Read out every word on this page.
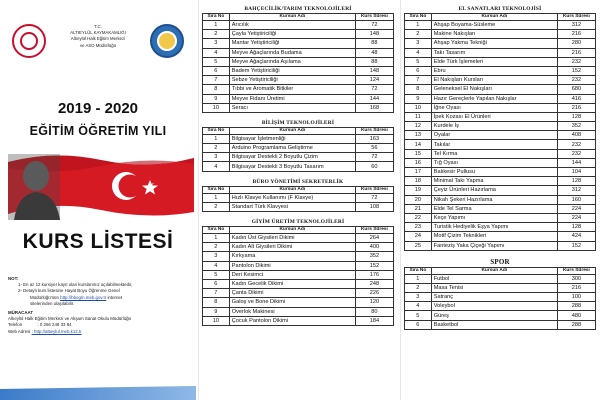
T.C.
ALTIEYLÜL KAYMAKAMLIĞI
Altıeylül Halk Eğitim Merkezi
ve ASO Müdürlüğü
2019 - 2020
EĞİTİM ÖĞRETİM YILI
KURS LİSTESİ
NOT:
1- En az 12 kursiyer kayıt olan kurslarımız açılabilmektedir,
2- Detaylı kurs listesine Hayat Boyu Öğrenme Genel
Müdürlüğü'nün http://hbogm.meb.gov.tr internet
sitelerinden ulaşılabilir.
MÜRACAAT
Altıeylül Halk Eğitim Merkezi ve Akşam Sanat Okulu Müdürlüğü
Telefon	: 0 266 249 33 84
Web Adresi : http://altieylul.meb.k12.tr
BAHÇECİLİK/TARIM TEKNOLOJİLERİ
Sıra No	Kursun Adı	Kurs Süresi
1	Arıcılık	72
2	Çayla Yetiştiriciliği	148
3	Mantar Yetiştiriciliği	88
4	Meyve Ağaçlarında Budama	48
5	Meyve Ağaçlarında Aşılama	88
6	Badem Yetiştiriciliği	148
7	Sebze Yetiştiriciliği	124
8	Tıbbi ve Aromatik Bitkiler	72
9	Meyve Fidanı Üretimi	144
10	Seracı	168
BİLİŞİM TEKNOLOJİLERİ
Sıra No	Kursun Adı	Kurs Süresi
1	Bilgisayar İşletmenliği	163
2	Arduino Programlama Geliştirme	56
3	Bilgisayar Destekli 2 Boyutlu Çizim	72
4	Bilgisayar Destekli 3 Boyutlu Tasarım	60
BÜRO YÖNETİMİ SEKRETERLİK
Sıra No	Kursun Adı	Kurs Süresi
1	Hızlı Klavye Kullanımı (F Klavye)	72
2	Standart Türk Klavyesi	108
GİYİM ÜRETİM TEKNOLOJİLERİ
Sıra No	Kursun Adı	Kurs Süresi
1	Kadın Üst Giysileri Dikimi	264
2	Kadın Alt Giysileri Dikimi	400
3	Kırkyama	352
4	Pantolon Dikimi	152
5	Deri Kesimci	176
6	Kadın Gecelik Dikimi	248
7	Çanta Dikimi	226
8	Galoş ve Bone Dikimi	120
9	Overlok Makinesi	80
10	Çocuk Pantolon Dikimi	184
EL SANATLARI TEKNOLOJİSİ
Sıra No	Kursun Adı	Kurs Süresi
1	Ahşap Boyama-Süsleme	312
2	Makine Nakışları	216
3	Ahşap Yakma Tekniği	280
4	Takı Tasarım	216
5	Elde Türk İşlemeleri	232
6	Ebru	152
7	El Nakışları Kursları	232
8	Geleneksel El Nakışları	680
9	Hazır Gereçlerle Yapılan Nakışlar	416
10	İğne Oyası	216
11	İpek Kozası El Ürünleri	128
12	Kurdele İş	352
13	Oyalar	408
14	Takılar	232
15	Tel Kırma	232
16	Tığ Oyası	144
17	Balıkesir Pullusu	104
18	Minimal Takı Yapma	128
19	Çeyiz Ürünleri Hazırlama	312
20	Nikah Şekeri Hazırlama	160
21	Elde Tel Sarma	224
22	Keçe Yapımı	224
23	Turistik Hediyelik Eşya Yapımı	128
24	Motif Çizim Teknikleri	424
25	Fanteziş Yaka Çiçeği Yapımı	152
SPOR
Sıra No	Kursun Adı	Kurs Süresi
1	Futbol	300
2	Masa Tenisi	216
3	Satranç	100
4	Voleybol	288
5	Güreş	480
6	Basketbol	288
